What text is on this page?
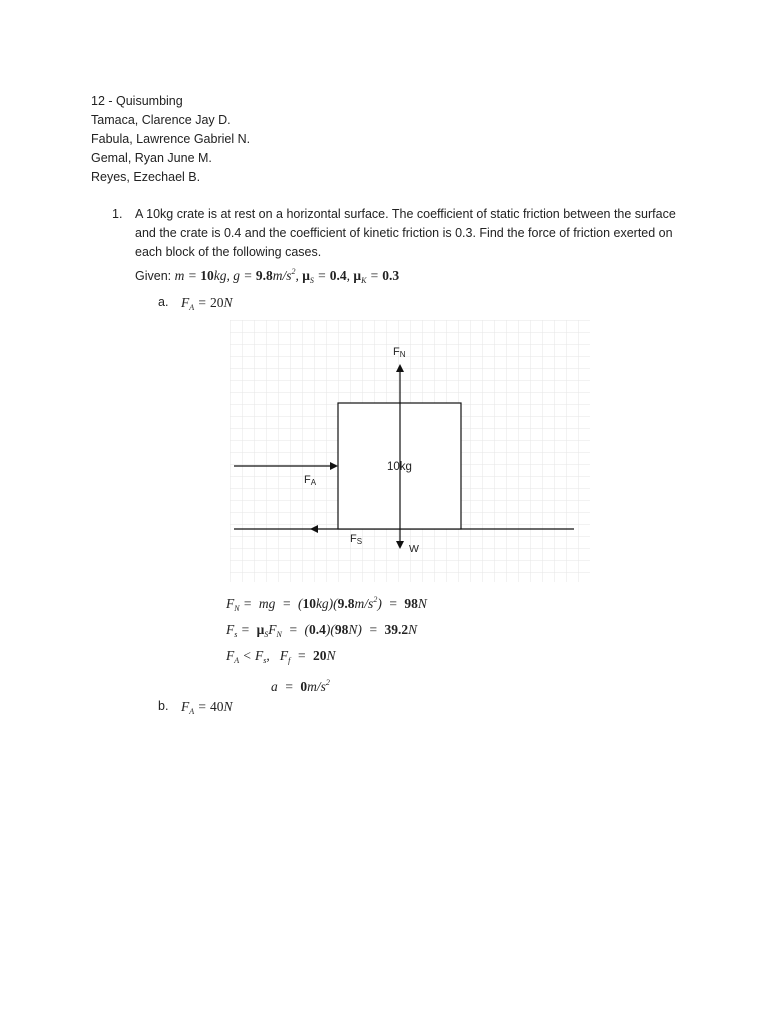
12 - Quisumbing
Tamaca, Clarence Jay D.
Fabula, Lawrence Gabriel N.
Gemal, Ryan June M.
Reyes, Ezechael B.
1. A 10kg crate is at rest on a horizontal surface. The coefficient of static friction between the surface and the crate is 0.4 and the coefficient of kinetic friction is 0.3. Find the force of friction exerted on each block of the following cases.
Given: m = 10kg, $g = 9.8m/s^2$, $\mu_S = 0.4$, $\mu_K = 0.3$
a. $F_A = 20N$
FN
10kg
FA
FS
W
$F_N$ =  mg  =  $(10kg)(9.8m/s^2) = 98N$
$F_s = \mu_SF_N = (0.4)(98N) = 39.2N$
$F_A < F_s$,   $F_f = 20N$
$a = 0m/s^2$
b. $F_A = 40N$
